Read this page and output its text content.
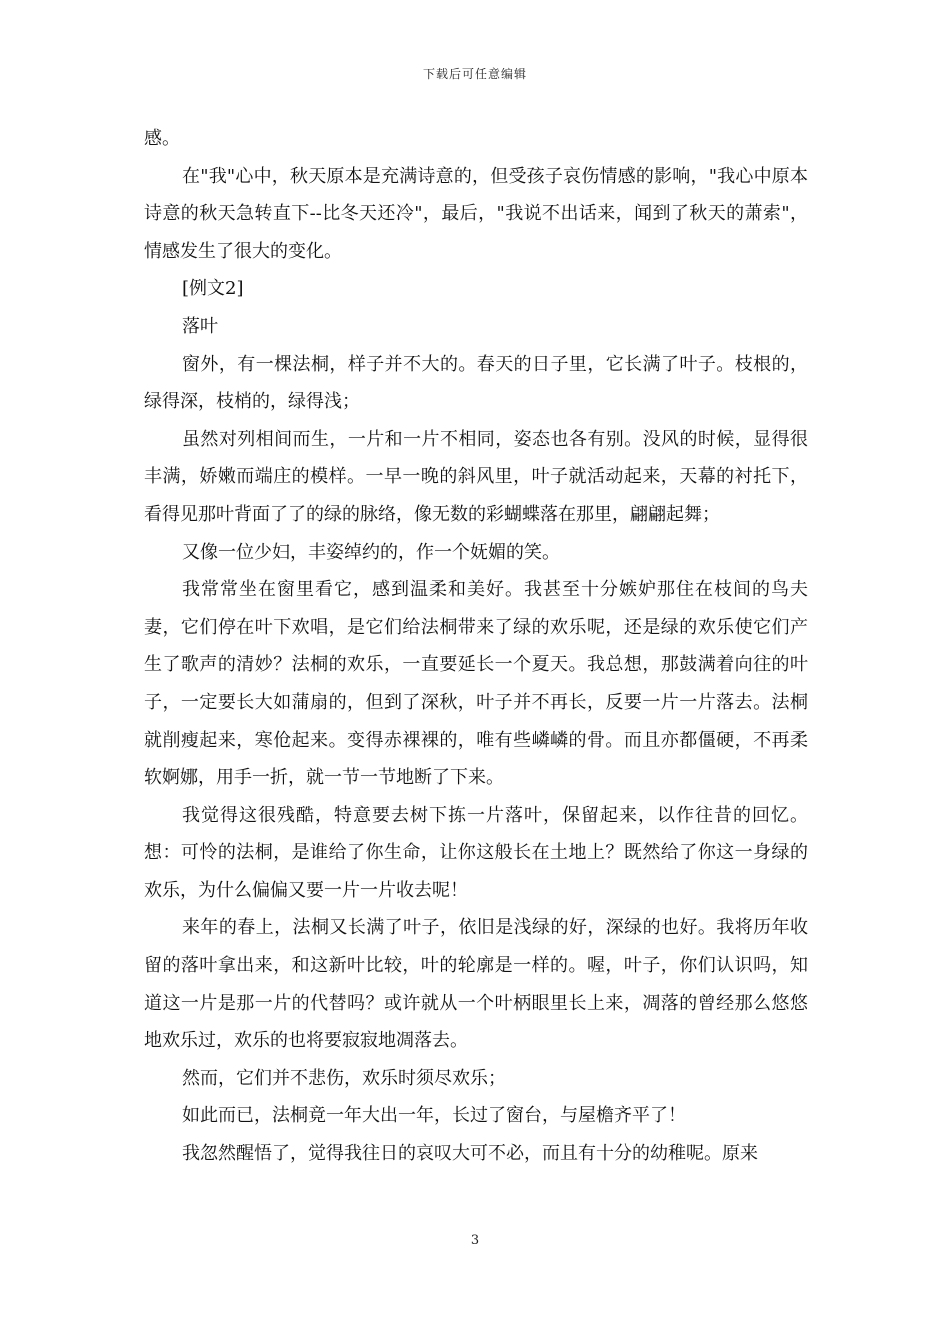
下载后可任意编辑

感。

在"我"心中，秋天原本是充满诗意的，但受孩子哀伤情感的影响，"我心中原本诗意的秋天急转直下--比冬天还冷"，最后，"我说不出话来，闻到了秋天的萧索"，情感发生了很大的变化。

[例文2]

落叶

窗外，有一棵法桐，样子并不大的。春天的日子里，它长满了叶子。枝根的，绿得深，枝梢的，绿得浅；

虽然对列相间而生，一片和一片不相同，姿态也各有别。没风的时候，显得很丰满，娇嫩而端庄的模样。一早一晚的斜风里，叶子就活动起来，天幕的衬托下，看得见那叶背面了了的绿的脉络，像无数的彩蝴蝶落在那里，翩翩起舞；

又像一位少妇，丰姿绰约的，作一个妩媚的笑。

我常常坐在窗里看它，感到温柔和美好。我甚至十分嫉妒那住在枝间的鸟夫妻，它们停在叶下欢唱，是它们给法桐带来了绿的欢乐呢，还是绿的欢乐使它们产生了歌声的清妙？法桐的欢乐，一直要延长一个夏天。我总想，那鼓满着向往的叶子，一定要长大如蒲扇的，但到了深秋，叶子并不再长，反要一片一片落去。法桐就削瘦起来，寒伧起来。变得赤裸裸的，唯有些嶙嶙的骨。而且亦都僵硬，不再柔软婀娜，用手一折，就一节一节地断了下来。

我觉得这很残酷，特意要去树下拣一片落叶，保留起来，以作往昔的回忆。想：可怜的法桐，是谁给了你生命，让你这般长在土地上？既然给了你这一身绿的欢乐，为什么偏偏又要一片一片收去呢！

来年的春上，法桐又长满了叶子，依旧是浅绿的好，深绿的也好。我将历年收留的落叶拿出来，和这新叶比较，叶的轮廓是一样的。喔，叶子，你们认识吗，知道这一片是那一片的代替吗？或许就从一个叶柄眼里长上来，凋落的曾经那么悠悠地欢乐过，欢乐的也将要寂寂地凋落去。

然而，它们并不悲伤，欢乐时须尽欢乐；

如此而已，法桐竟一年大出一年，长过了窗台，与屋檐齐平了！

我忽然醒悟了，觉得我往日的哀叹大可不必，而且有十分的幼稚呢。原来

3
